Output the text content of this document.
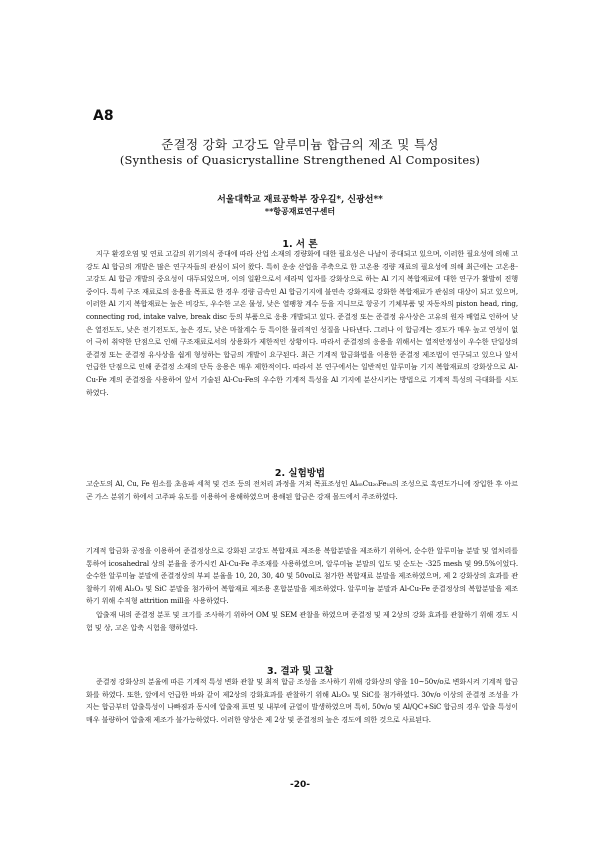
A8
준결정 강화 고강도 알루미늄 합금의 제조 및 특성
(Synthesis of Quasicrystalline Strengthened Al Composites)
서울대학교 재료공학부 장우길*, 신광선**
**항공재료연구센터
1. 서 론

지구 환경오염 및 연료 고갈의 위기의식 증대에 따라 산업 소재의 경량화에 대한 필요성은 나날이 증대되고 있으며, 이러한 필요성에 의해 고강도 Al 합금의 개발은 많은 연구자들의 관심이 되어 왔다. 특히 운송 산업을 주축으로 한 고온용 경량 재료의 필요성에 의해 최근에는 고온용·고강도 Al 합금 개발의 중요성이 대두되었으며, 이의 일환으로서 세라믹 입자를 강화상으로 하는 Al 기지 복합재료에 대한 연구가 활발히 진행중이다. 특히 구조 재료로의 응용을 목표로 한 경우 경량 금속인 Al 합금기지에 불연속 강화재로 강화한 복합재료가 관심의 대상이 되고 있으며, 이러한 Al 기지 복합재료는 높은 비강도, 우수한 고온 물성, 낮은 열팽창 계수 등을 지니므로 항공기 기체부품 및 자동차의 piston head, ring, connecting rod, intake valve, break disc 등의 부품으로 응용 개발되고 있다. 준결정 또는 준결정 유사상은 고유의 원자 배열로 인하여 낮은 열전도도, 낮은 전기전도도, 높은 경도, 낮은 마찰계수 등 특이한 물리적인 성질을 나타낸다. 그러나 이 합금계는 경도가 매우 높고 연성이 없어 극히 취약한 단점으로 인해 구조재료로서의 상용화가 제한적인 상황이다. 따라서 준결정의 응용을 위해서는 열적안정성이 우수한 단일상의 준결정 또는 준결정 유사상을 쉽게 형성하는 합금의 개발이 요구된다. 최근 기계적 합금화법을 이용한 준결정 제조법이 연구되고 있으나 앞서 언급한 단점으로 인해 준결정 소재의 단독 응용은 매우 제한적이다. 따라서 본 연구에서는 일반적인 알루미늄 기지 복합재료의 강화상으로 Al-Cu-Fe 계의 준결정을 사용하여 앞서 기술된 Al-Cu-Fe의 우수한 기계적 특성을 Al 기지에 분산시키는 방법으로 기계적 특성의 극대화를 시도하였다.

2. 실험방법

고순도의 Al, Cu, Fe 원소를 초음파 세척 및 건조 등의 전처리 과정을 거쳐 목표조성인 Al₆₅Cu₂₀Fe₁₅의 조성으로 흑연도가니에 장입한 후 아르곤 가스 분위기 하에서 고주파 유도를 이용하여 용해하였으며 용해된 합금은 강재 몰드에서 주조하였다.

기계적 합금화 공정을 이용하여 준결정상으로 강화된 고강도 복합재료 제조용 복합분말을 제조하기 위하여, 순수한 알루미늄 분말 및 열처리를 통하여 icosahedral 상의 분율을 증가시킨 Al-Cu-Fe 주조재를 사용하였으며, 알루미늄 분말의 입도 및 순도는 -325 mesh 및 99.5%이었다. 순수한 알루미늄 분말에 준결정상의 부피 분율을 10, 20, 30, 40 및 50vol로 첨가한 복합재료 분말을 제조하였으며, 제 2 강화상의 효과를 관찰하기 위해 Al₂O₃ 및 SiC 분말을 첨가하여 복합재료 제조용 혼합분말을 제조하였다. 알루미늄 분말과 Al-Cu-Fe 준결정상의 복합분말을 제조하기 위해 수직형 attrition mill을 사용하였다.

압출재 내의 준결정 분포 및 크기를 조사하기 위하여 OM 및 SEM 관찰을 하였으며 준결정 및 제 2상의 강화 효과를 관찰하기 위해 경도 시험 및 상, 고온 압축 시험을 행하였다.

3. 결과 및 고찰

준결정 강화상의 분율에 따른 기계적 특성 변화 관찰 및 최적 합금 조성을 조사하기 위해 강화상의 양을 10~50v/o로 변화시켜 기계적 합금화를 하였다. 또한, 앞에서 언급한 바와 같이 제2상의 강화효과를 관찰하기 위해 Al₂O₃ 및 SiC를 첨가하였다. 30v/o 이상의 준결정 조성을 가지는 합금부터 압출특성이 나빠짐과 동시에 압출재 표면 및 내부에 균열이 발생하였으며 특히, 50v/o 및 Al/QC+SiC 합금의 경우 압출 특성이 매우 불량하여 압출재 제조가 불가능하였다. 이러한 양상은 제 2상 및 준결정의 높은 경도에 의한 것으로 사료된다.

-20-
